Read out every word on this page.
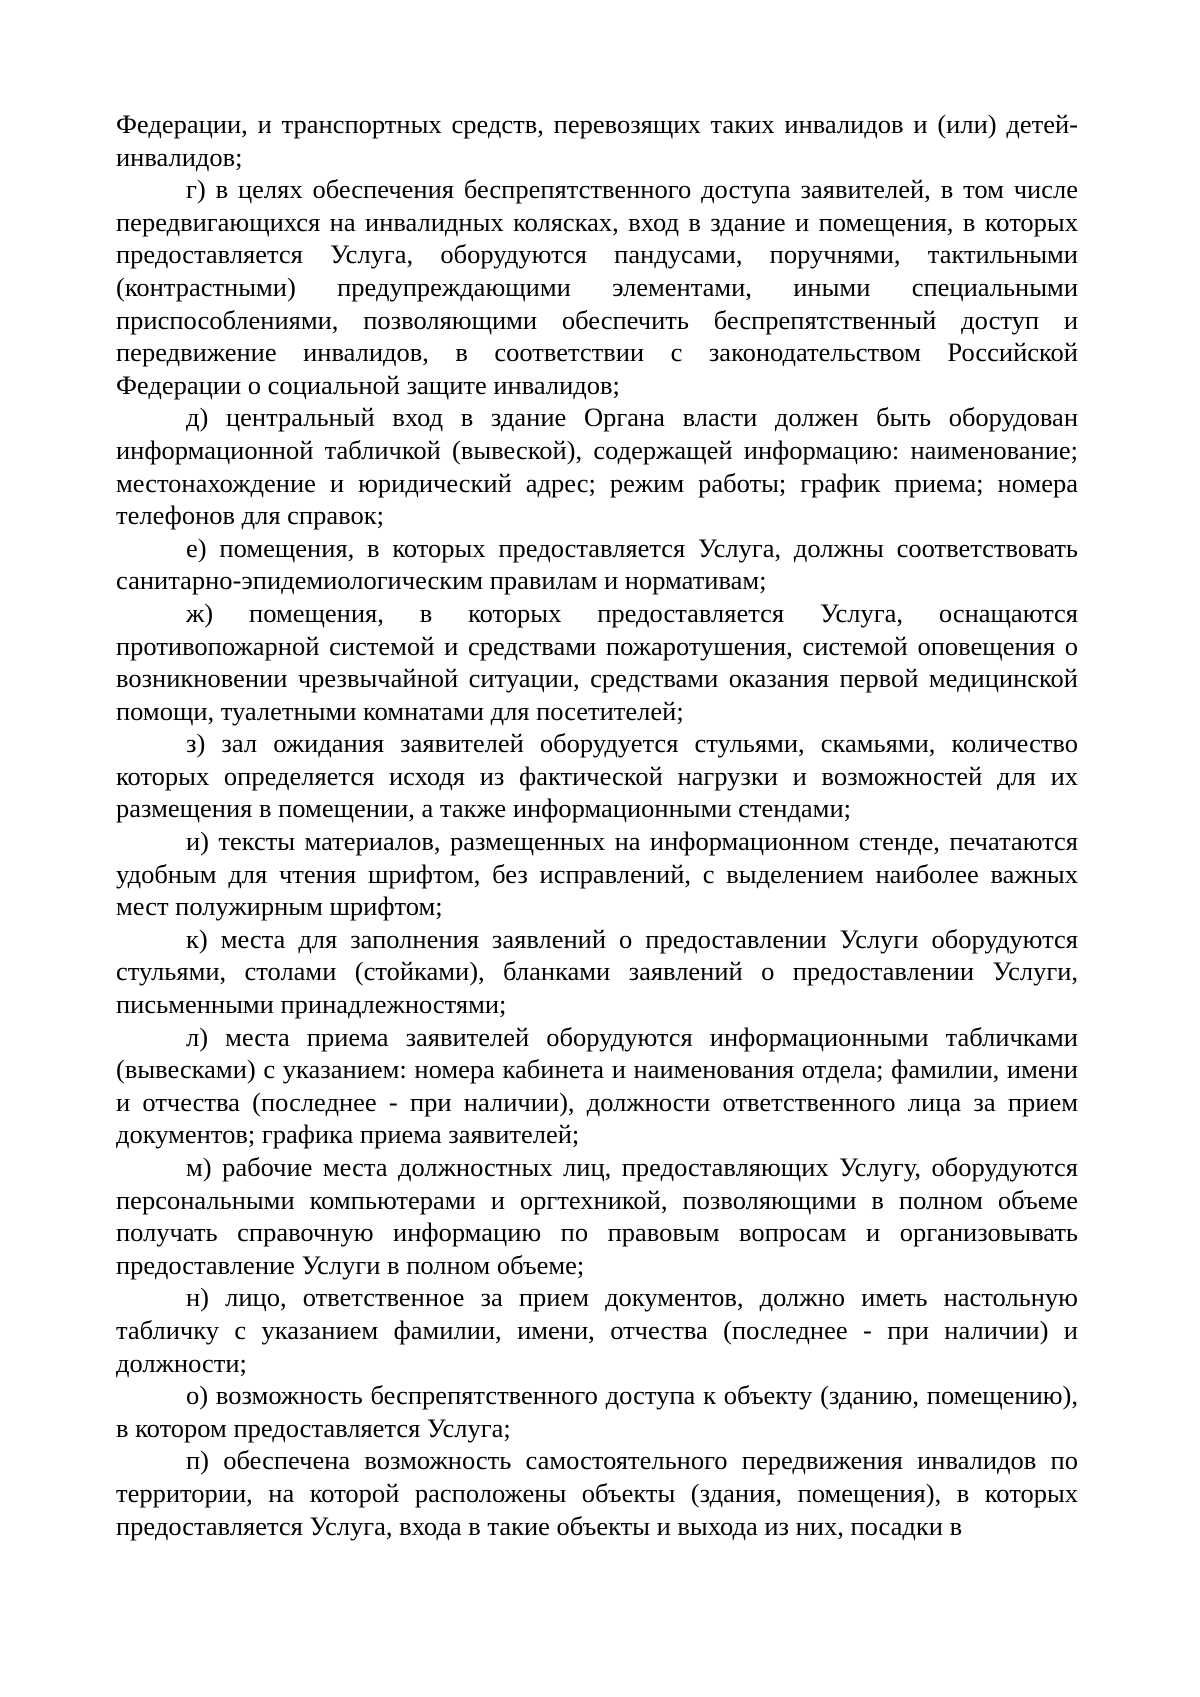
Федерации, и транспортных средств, перевозящих таких инвалидов и (или) детей-инвалидов;

г) в целях обеспечения беспрепятственного доступа заявителей, в том числе передвигающихся на инвалидных колясках, вход в здание и помещения, в которых предоставляется Услуга, оборудуются пандусами, поручнями, тактильными (контрастными) предупреждающими элементами, иными специальными приспособлениями, позволяющими обеспечить беспрепятственный доступ и передвижение инвалидов, в соответствии с законодательством Российской Федерации о социальной защите инвалидов;

д) центральный вход в здание Органа власти должен быть оборудован информационной табличкой (вывеской), содержащей информацию: наименование; местонахождение и юридический адрес; режим работы; график приема; номера телефонов для справок;

е) помещения, в которых предоставляется Услуга, должны соответствовать санитарно-эпидемиологическим правилам и нормативам;

ж) помещения, в которых предоставляется Услуга, оснащаются противопожарной системой и средствами пожаротушения, системой оповещения о возникновении чрезвычайной ситуации, средствами оказания первой медицинской помощи, туалетными комнатами для посетителей;

з) зал ожидания заявителей оборудуется стульями, скамьями, количество которых определяется исходя из фактической нагрузки и возможностей для их размещения в помещении, а также информационными стендами;

и) тексты материалов, размещенных на информационном стенде, печатаются удобным для чтения шрифтом, без исправлений, с выделением наиболее важных мест полужирным шрифтом;

к) места для заполнения заявлений о предоставлении Услуги оборудуются стульями, столами (стойками), бланками заявлений о предоставлении Услуги, письменными принадлежностями;

л) места приема заявителей оборудуются информационными табличками (вывесками) с указанием: номера кабинета и наименования отдела; фамилии, имени и отчества (последнее - при наличии), должности ответственного лица за прием документов; графика приема заявителей;

м) рабочие места должностных лиц, предоставляющих Услугу, оборудуются персональными компьютерами и оргтехникой, позволяющими в полном объеме получать справочную информацию по правовым вопросам и организовывать предоставление Услуги в полном объеме;

н) лицо, ответственное за прием документов, должно иметь настольную табличку с указанием фамилии, имени, отчества (последнее - при наличии) и должности;

о) возможность беспрепятственного доступа к объекту (зданию, помещению), в котором предоставляется Услуга;

п) обеспечена возможность самостоятельного передвижения инвалидов по территории, на которой расположены объекты (здания, помещения), в которых предоставляется Услуга, входа в такие объекты и выхода из них, посадки в
